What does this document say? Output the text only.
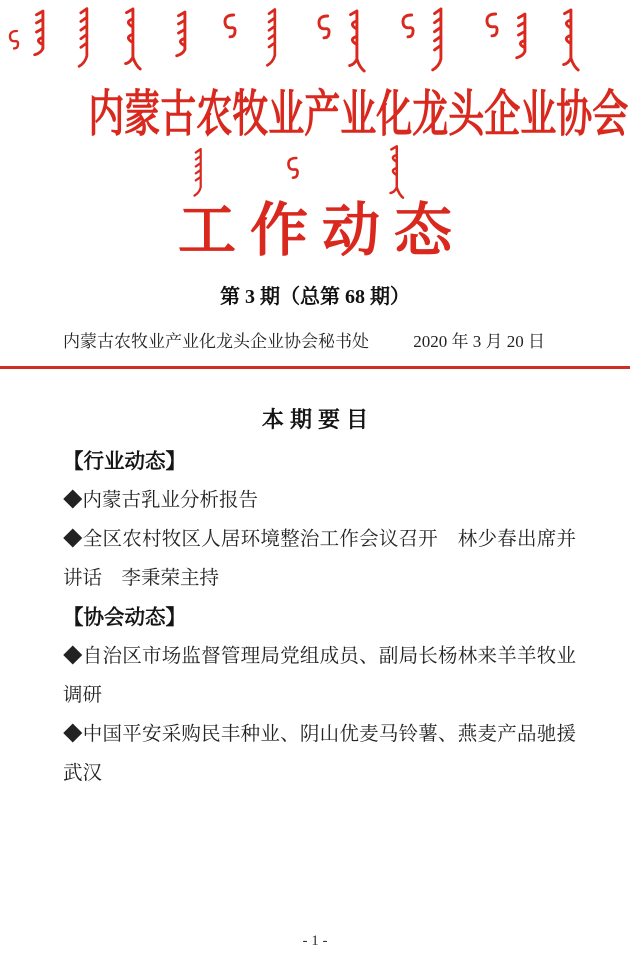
内蒙古农牧业产业化龙头企业协会
工作动态
第 3 期（总第 68 期）
内蒙古农牧业产业化龙头企业协会秘书处	2020 年 3 月 20 日
本 期 要 目

【行业动态】

◆内蒙古乳业分析报告

◆全区农村牧区人居环境整治工作会议召开　林少春出席并讲话　李秉荣主持

【协会动态】

◆自治区市场监督管理局党组成员、副局长杨林来羊羊牧业调研

◆中国平安采购民丰种业、阴山优麦马铃薯、燕麦产品驰援武汉

- 1 -
